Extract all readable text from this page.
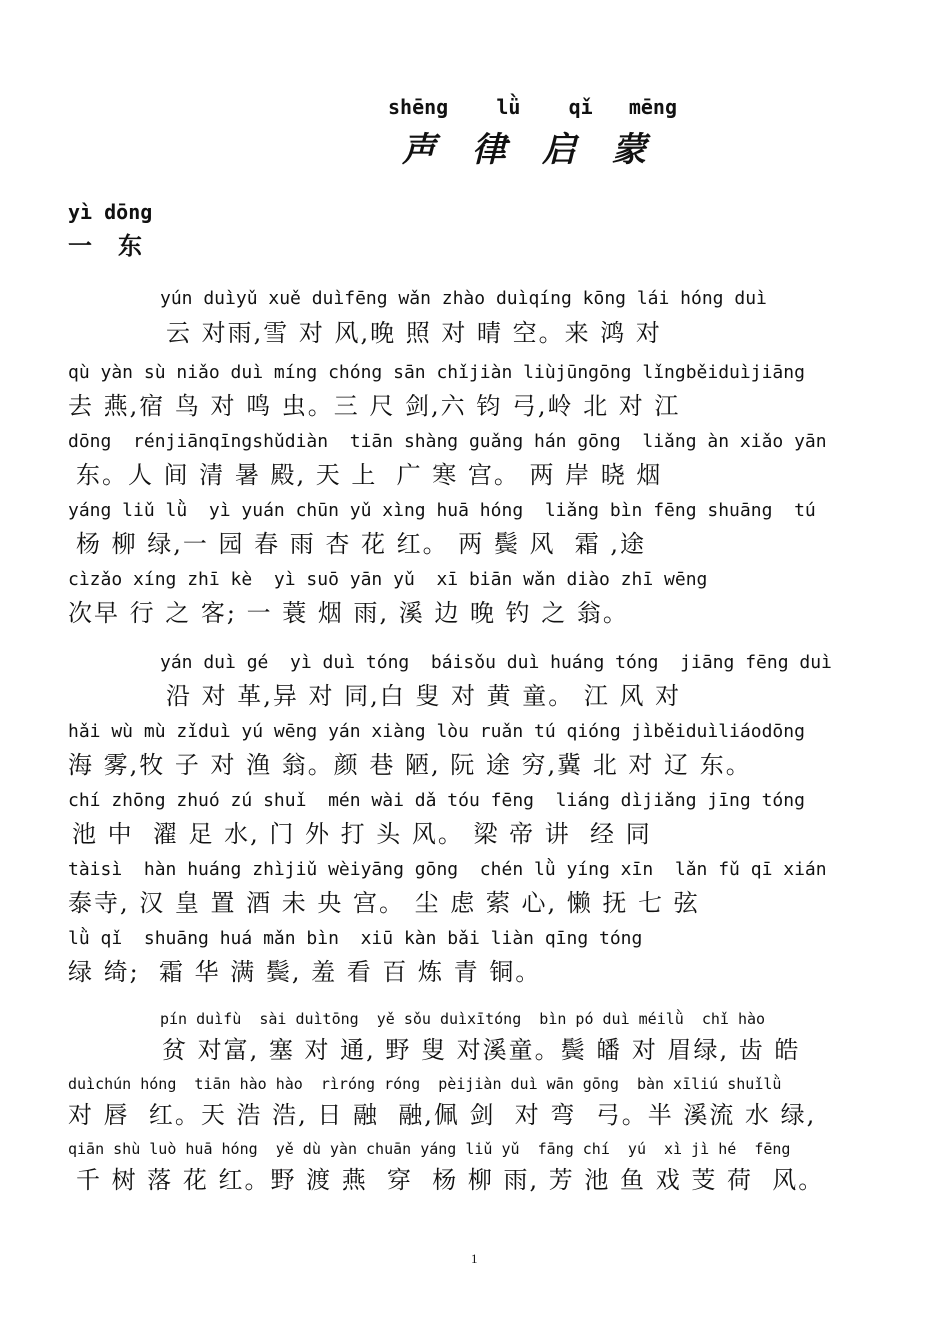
shēng    lǜ    qǐ   mēng
声律启蒙
yì dōng
一东
yún duìyǔ xuě duìfēng wǎn zhào duìqíng kōng lái hóng duì
云 对雨,雪 对 风,晚 照 对 晴 空。来 鸿 对
qù yàn sù niǎo duì míng chóng sān chǐjiàn liùjūngōng lǐngběiduìjiāng
去 燕,宿 鸟 对 鸣 虫。三 尺 剑,六 钧 弓,岭 北 对 江
dōng  rénjiānqīngshǔdiàn  tiān shàng guǎng hán gōng  liǎng àn xiǎo yān
东。人 间 清 暑 殿, 天 上  广 寒 宫。 两 岸 晓 烟
yáng liǔ lǜ  yì yuán chūn yǔ xìng huā hóng  liǎng bìn fēng shuāng  tú
杨 柳 绿,一 园 春 雨 杏 花 红。 两 鬓 风  霜 ,途
cìzǎo xíng zhī kè  yì suō yān yǔ  xī biān wǎn diào zhī wēng
次早 行 之 客; 一 蓑 烟 雨, 溪 边 晚 钓 之 翁。
yán duì gé  yì duì tóng  báisǒu duì huáng tóng  jiāng fēng duì
沿 对 革,异 对 同,白 叟 对 黄 童。 江 风 对
hǎi wù mù zǐduì yú wēng yán xiàng lòu ruǎn tú qióng jìběiduìliáodōng
海 雾,牧 子 对 渔 翁。颜 巷 陋, 阮 途 穷,冀 北 对 辽 东。
chí zhōng zhuó zú shuǐ  mén wài dǎ tóu fēng  liáng dìjiǎng jīng tóng
池 中  濯 足 水, 门 外 打 头 风。 梁 帝 讲  经 同
tàisì  hàn huáng zhìjiǔ wèiyāng gōng  chén lǜ yíng xīn  lǎn fǔ qī xián
泰寺, 汉 皇 置 酒 未 央 宫。 尘 虑 萦 心, 懒 抚 七 弦
lǜ qǐ  shuāng huá mǎn bìn  xiū kàn bǎi liàn qīng tóng
绿 绮;  霜 华 满 鬓, 羞 看 百 炼 青 铜。
pín duìfù  sài duìtōng  yě sǒu duìxītóng  bìn pó duì méilǜ  chǐ hào
贫 对富, 塞 对 通, 野 叟 对溪童。鬓 皤 对 眉绿, 齿 皓
duìchún hóng  tiān hào hào  rìróng róng  pèijiàn duì wān gōng  bàn xīliú shuǐlǜ
对 唇  红。天 浩 浩, 日 融  融,佩 剑  对 弯  弓。半 溪流 水 绿,
qiān shù luò huā hóng  yě dù yàn chuān yáng liǔ yǔ  fāng chí  yú  xì jì hé  fēng
千 树 落 花 红。野 渡 燕  穿  杨 柳 雨, 芳 池 鱼 戏 芰 荷  风。
1
